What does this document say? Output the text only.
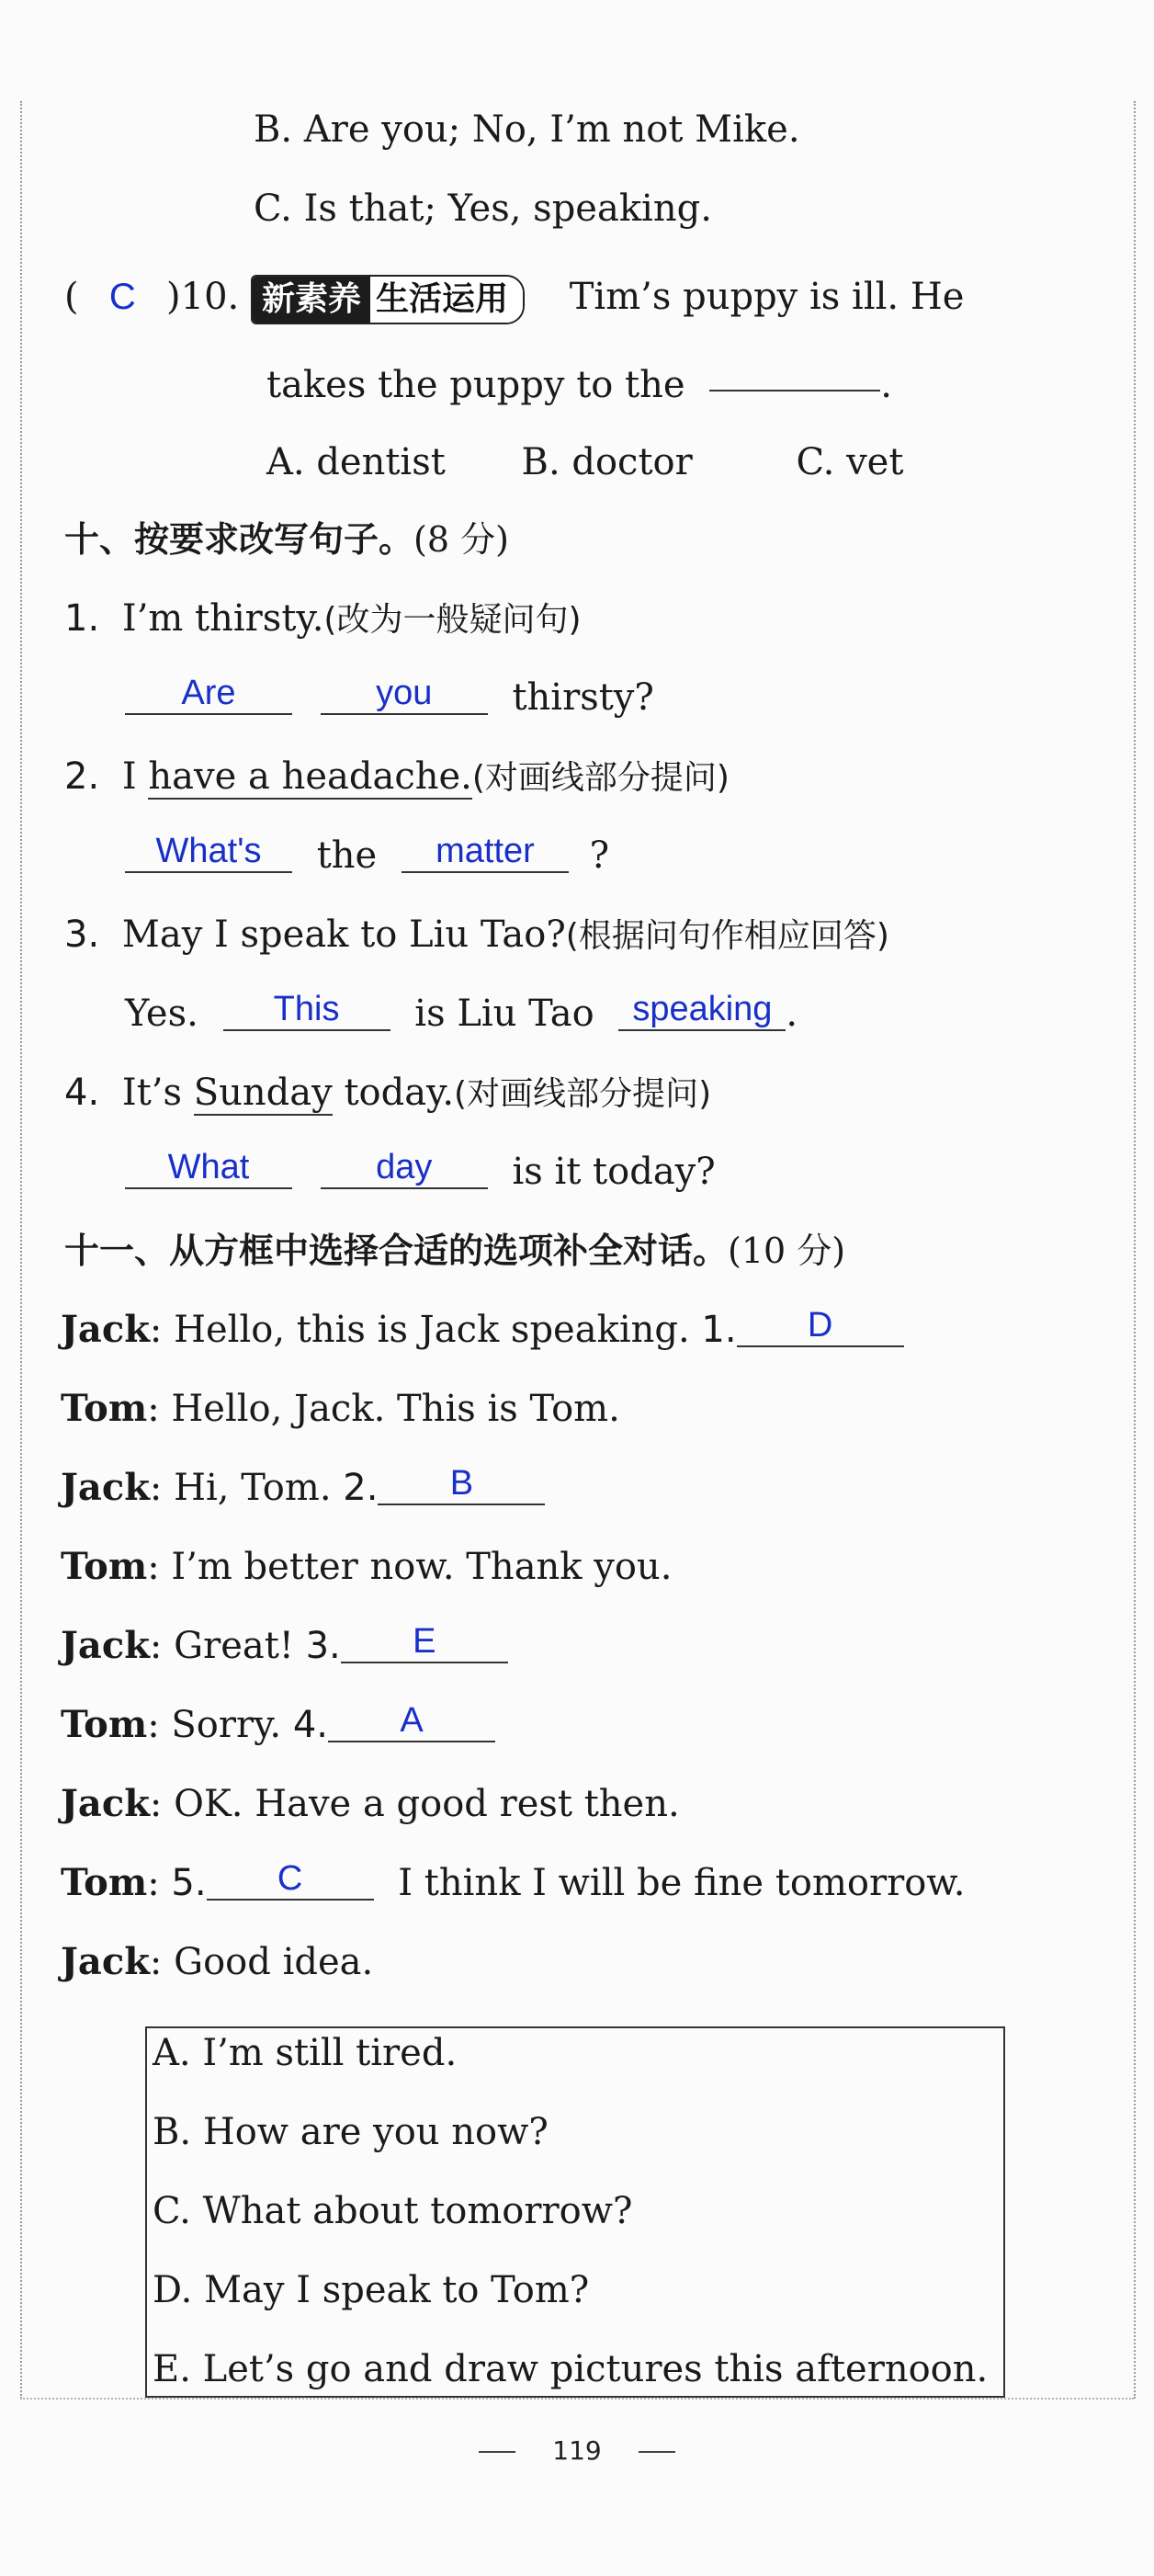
B. Are you; No, I’m not Mike.
C. Is that; Yes, speaking.
( C )10. 新素养 生活运用	Tim’s puppy is ill. He
takes the puppy to the	.
A. dentist B. doctor	C. vet
十、按要求改写句子。(8 分)
1. I’m thirsty.(改为一般疑问句)
Are	you thirsty?
2. I have a headache.(对画线部分提问)
What's the matter ?
3. May I speak to Liu Tao?(根据问句作相应回答)
Yes. This is Liu Tao speaking .
4. It’s Sunday today.(对画线部分提问)
What	day is it today?
十一、从方框中选择合适的选项补全对话。(10 分)
Jack: Hello, this is Jack speaking. 1. D
Tom: Hello, Jack. This is Tom.
Jack: Hi, Tom. 2. B
Tom: I’m better now. Thank you.
Jack: Great! 3. E
Tom: Sorry. 4. A
Jack: OK. Have a good rest then.
Tom: 5. C	I think I will be fine tomorrow.
Jack: Good idea.
A. I’m still tired.
B. How are you now?
C. What about tomorrow?
D. May I speak to Tom?
E. Let’s go and draw pictures this afternoon.
119
